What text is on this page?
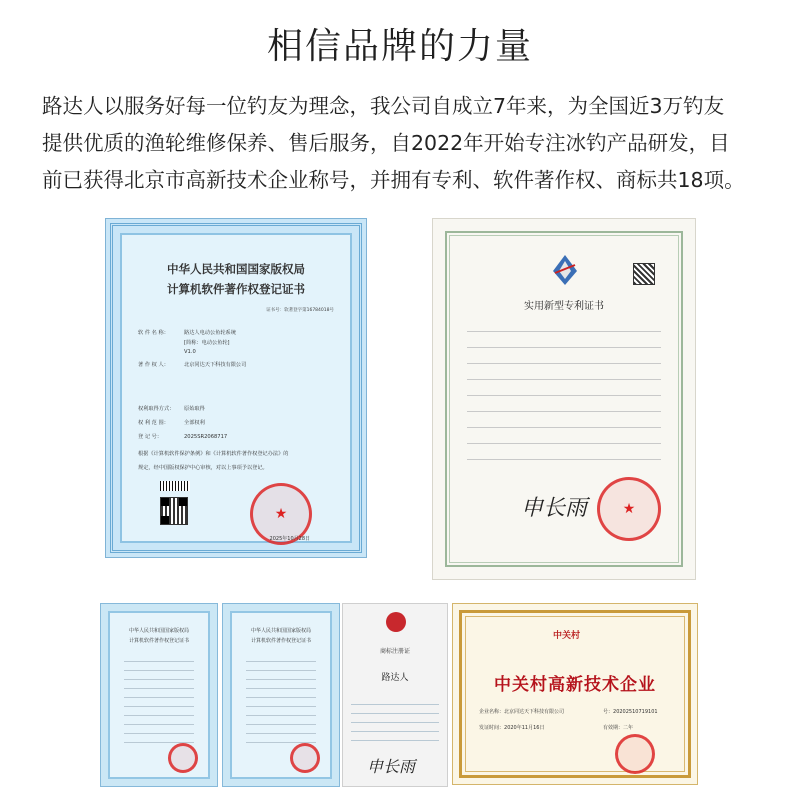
相信品牌的力量

路达人以服务好每一位钓友为理念，我公司自成立7年来，为全国近3万钓友

提供优质的渔轮维修保养、售后服务，自2022年开始专注冰钓产品研发，目

前已获得北京市高新技术企业称号，并拥有专利、软件著作权、商标共18项。

中华人民共和国国家版权局
计算机软件著作权登记证书
证书号：软著登字第16784018号
软 件 名 称：	路达人电动公鱼轮系统
[简称：电动公鱼轮]
V1.0
著 作 权 人：	北京同达天下科技有限公司
权利取得方式： 原始取得
权 利 范 围：	全部权利
登 记 号：	2025SR2068717
根据《计算机软件保护条例》和《计算机软件著作权登记办法》的
规定，经中国版权保护中心审核，对以上事项予以登记。
★
2025年10月28日
实用新型专利证书
申长雨	★
中华人民共和国国家版权局
计算机软件著作权登记证书
中华人民共和国国家版权局
计算机软件著作权登记证书
商标注册证
路达人
申长雨
中关村
中关村高新技术企业
企业名称：北京同达天下科技有限公司	号：20202510719101
发证时间：2020年11月16日	有效期：二年
